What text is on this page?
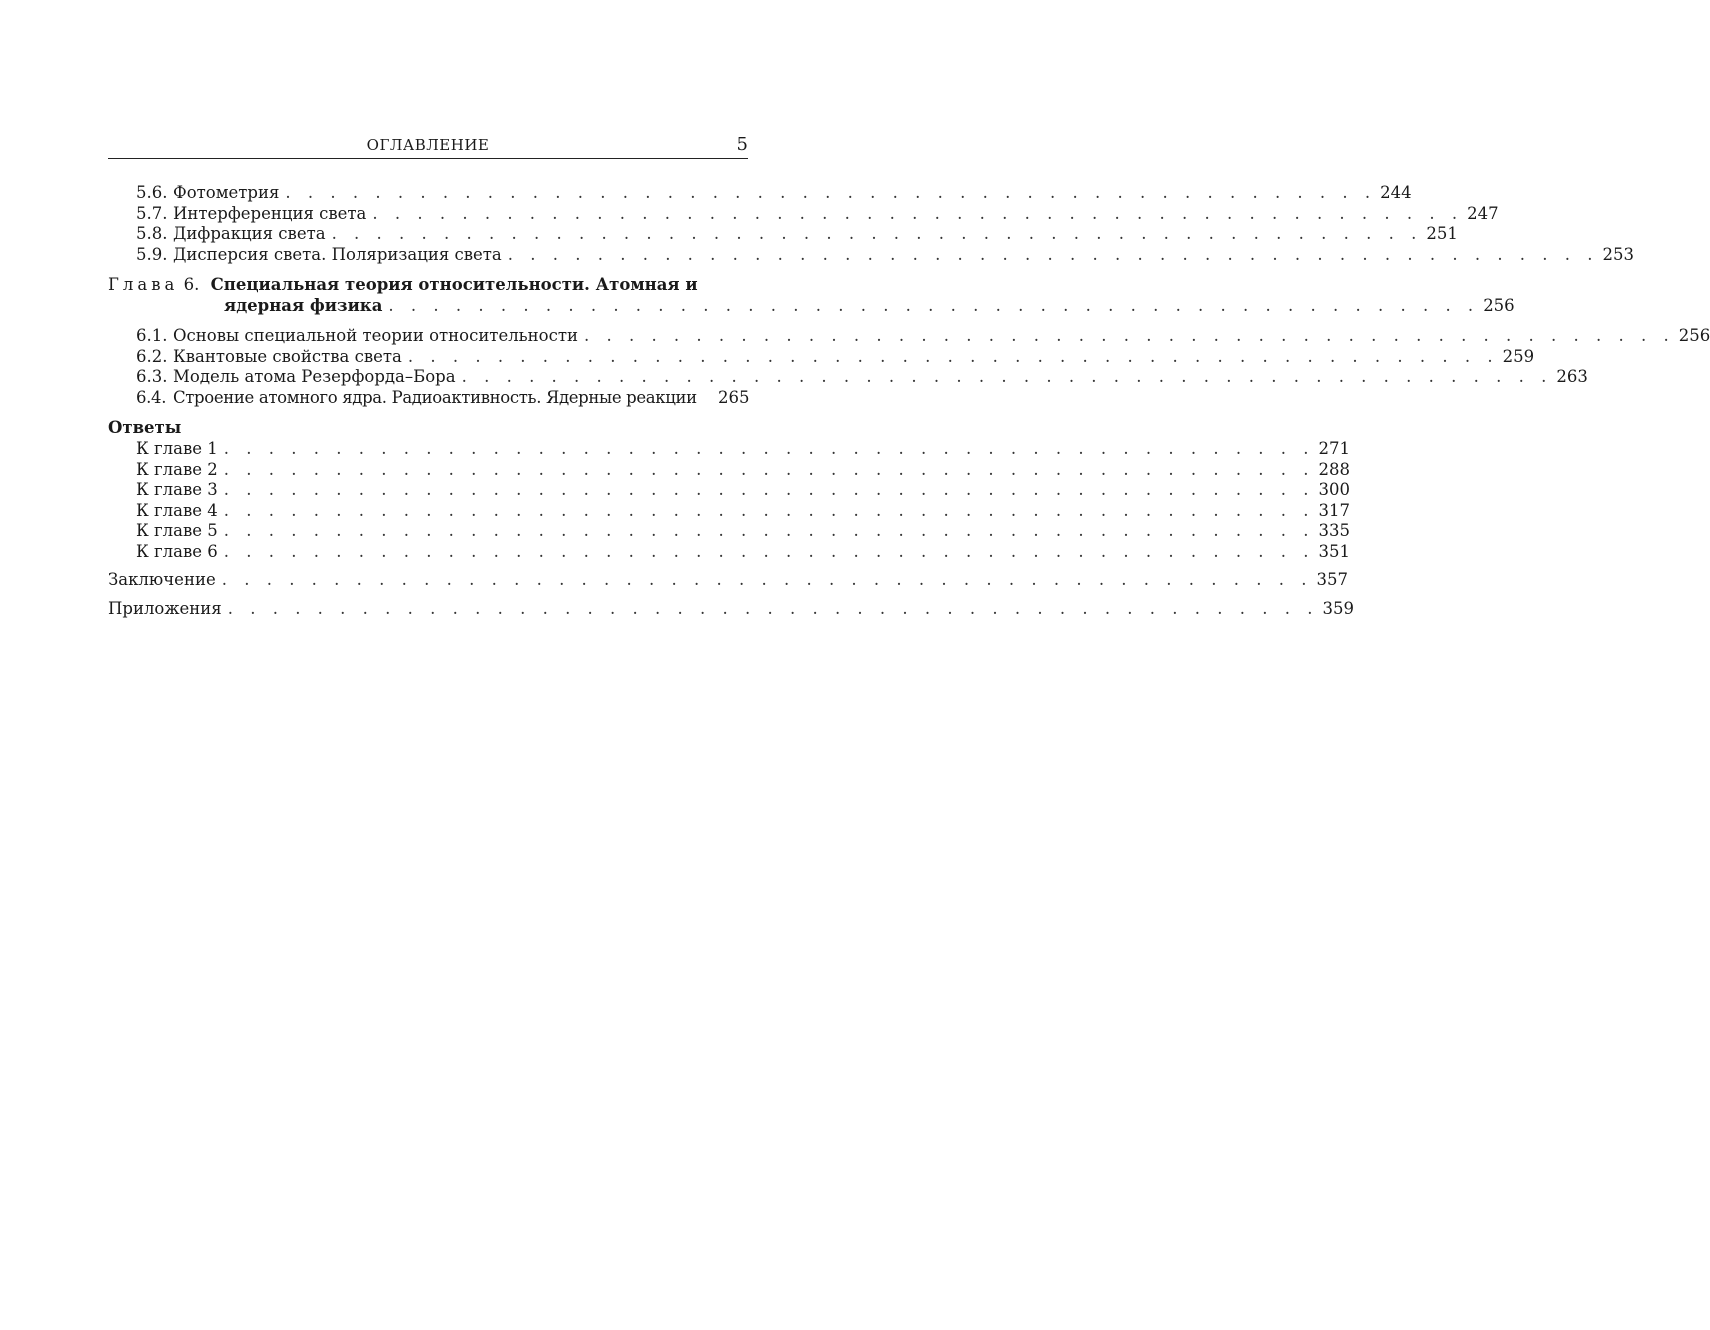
ОГЛАВЛЕНИЕ	5
5.6. Фотометрия . . . . . . . . . . . . . . . . . . . . . . . . . . . . . . . . . . . . . . . . . . . . . . . . . 244
5.7. Интерференция света . . . . . . . . . . . . . . . . . . . . . . . . . . . . . . . . . . . . . . . . . . . . . . . . . 247
5.8. Дифракция света . . . . . . . . . . . . . . . . . . . . . . . . . . . . . . . . . . . . . . . . . . . . . . . . . 251
5.9. Дисперсия света. Поляризация света . . . . . . . . . . . . . . . . . . . . . . . . . . . . . . . . . . . . . . . . . . . . . . . . . 253
Глава 6. Специальная теория относительности. Атомная и
ядерная физика . . . . . . . . . . . . . . . . . . . . . . . . . . . . . . . . . . . . . . . . . . . . . . . . . 256
6.1. Основы специальной теории относительности . . . . . . . . . . . . . . . . . . . . . . . . . . . . . . . . . . . . . . . . . . . . . . . . . 256
6.2. Квантовые свойства света . . . . . . . . . . . . . . . . . . . . . . . . . . . . . . . . . . . . . . . . . . . . . . . . . 259
6.3. Модель атома Резерфорда–Бора . . . . . . . . . . . . . . . . . . . . . . . . . . . . . . . . . . . . . . . . . . . . . . . . . 263
6.4. Строение атомного ядра. Радиоактивность. Ядерные реакции
265
Ответы
К главе 1 . . . . . . . . . . . . . . . . . . . . . . . . . . . . . . . . . . . . . . . . . . . . . . . . . 271
К главе 2 . . . . . . . . . . . . . . . . . . . . . . . . . . . . . . . . . . . . . . . . . . . . . . . . . 288
К главе 3 . . . . . . . . . . . . . . . . . . . . . . . . . . . . . . . . . . . . . . . . . . . . . . . . . 300
К главе 4 . . . . . . . . . . . . . . . . . . . . . . . . . . . . . . . . . . . . . . . . . . . . . . . . . 317
К главе 5 . . . . . . . . . . . . . . . . . . . . . . . . . . . . . . . . . . . . . . . . . . . . . . . . . 335
К главе 6 . . . . . . . . . . . . . . . . . . . . . . . . . . . . . . . . . . . . . . . . . . . . . . . . . 351
Заключение . . . . . . . . . . . . . . . . . . . . . . . . . . . . . . . . . . . . . . . . . . . . . . . . . 357
Приложения . . . . . . . . . . . . . . . . . . . . . . . . . . . . . . . . . . . . . . . . . . . . . . . . . 359
